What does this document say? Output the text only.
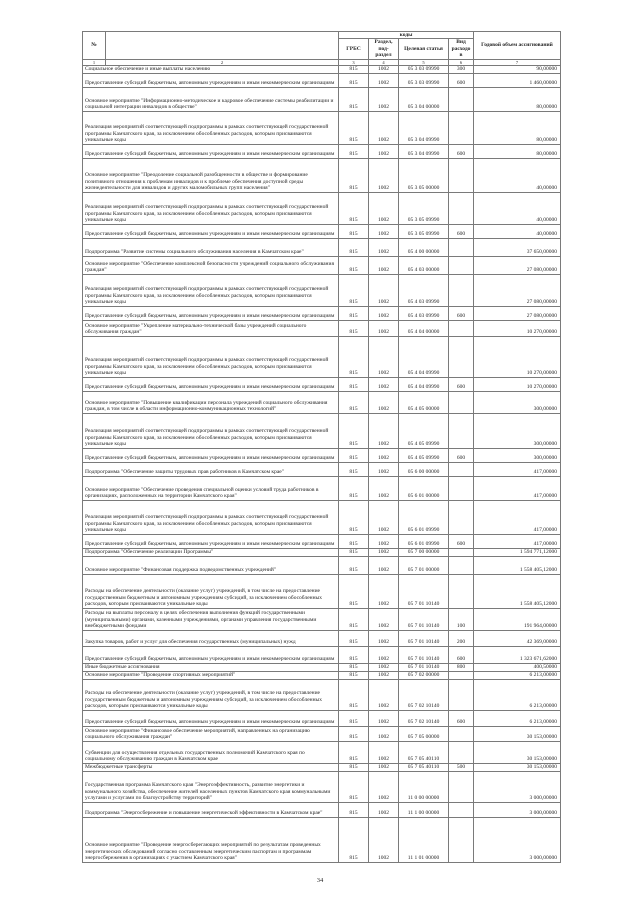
№		коды				Годовой объем ассигнований
		ГРБС	Раздел, под-раздел	Целевая статья	Вид расходов	
1	2	3	4	5	6	7
Социальное обеспечение и иные выплаты населению		815	1002	05 3 03 09990	300	90,00000
Предоставление субсидий бюджетным, автономным учреждениям и иным некоммерческим организациям		815	1002	05 3 03 09990	600	1 460,00000
Основное мероприятие "Информационно-методическое и кадровое обеспечение системы реабилитации и социальной интеграции инвалидов в обществе"		815	1002	05 3 04 00000		80,00000
Реализация мероприятий соответствующей подпрограммы в рамках соответствующей государственной программы Камчатского края, за исключением обособленных расходов, которым присваиваются уникальные коды		815	1002	05 3 04 09990		80,00000
Предоставление субсидий бюджетным, автономным учреждениям и иным некоммерческим организациям		815	1002	05 3 04 09990	600	80,00000
Основное мероприятие "Преодоление социальной разобщенности в обществе и формирование позитивного отношения к проблемам инвалидов и к проблеме обеспечения доступной среды жизнедеятельности для инвалидов и других маломобильных групп населения"		815	1002	05 3 05 00000		40,00000
Реализация мероприятий соответствующей подпрограммы в рамках соответствующей государственной программы Камчатского края, за исключением обособленных расходов, которым присваиваются уникальные коды		815	1002	05 3 05 09990		40,00000
Предоставление субсидий бюджетным, автономным учреждениям и иным некоммерческим организациям		815	1002	05 3 05 09990	600	40,00000
Подпрограмма "Развитие системы социального обслуживания населения в Камчатском крае"		815	1002	05 4 00 00000		37 650,00000
Основное мероприятие "Обеспечение комплексной безопасности учреждений социального обслуживания граждан"		815	1002	05 4 03 00000		27 080,00000
Реализация мероприятий соответствующей подпрограммы в рамках соответствующей государственной программы Камчатского края, за исключением обособленных расходов, которым присваиваются уникальные коды		815	1002	05 4 03 09990		27 080,00000
Предоставление субсидий бюджетным, автономным учреждениям и иным некоммерческим организациям		815	1002	05 4 03 09990	600	27 080,00000
Основное мероприятие "Укрепление материально-технической базы учреждений социального обслуживания граждан"		815	1002	05 4 04 00000		10 270,00000
Реализация мероприятий соответствующей подпрограммы в рамках соответствующей государственной программы Камчатского края, за исключением обособленных расходов, которым присваиваются уникальные коды		815	1002	05 4 04 09990		10 270,00000
Предоставление субсидий бюджетным, автономным учреждениям и иным некоммерческим организациям		815	1002	05 4 04 09990	600	10 270,00000
Основное мероприятие "Повышение квалификации персонала учреждений социального обслуживания граждан, в том числе в области информационно-коммуникационных технологий"		815	1002	05 4 05 00000		300,00000
Реализация мероприятий соответствующей подпрограммы в рамках соответствующей государственной программы Камчатского края, за исключением обособленных расходов, которым присваиваются уникальные коды		815	1002	05 4 05 09990		300,00000
Предоставление субсидий бюджетным, автономным учреждениям и иным некоммерческим организациям		815	1002	05 4 05 09990	600	300,00000
Подпрограмма "Обеспечение защиты трудовых прав работников в Камчатском крае"		815	1002	05 6 00 00000		417,00000
Основное мероприятие "Обеспечение проведения специальной оценки условий труда работников в организациях, расположенных на территории Камчатского края"		815	1002	05 6 01 00000		417,00000
Реализация мероприятий соответствующей подпрограммы в рамках соответствующей государственной программы Камчатского края, за исключением обособленных расходов, которым присваиваются уникальные коды		815	1002	05 6 01 09990		417,00000
Предоставление субсидий бюджетным, автономным учреждениям и иным некоммерческим организациям		815	1002	05 6 01 09990	600	417,00000
Подпрограмма "Обеспечение реализации Программы"		815	1002	05 7 00 00000		1 594 771,12000
Основное мероприятие "Финансовая поддержка подведомственных учреждений"		815	1002	05 7 01 00000		1 558 405,12000
Расходы на обеспечение деятельности (оказание услуг) учреждений, в том числе на предоставление государственным бюджетным и автономным учреждениям субсидий, за исключением обособленных расходов, которым присваиваются уникальные коды		815	1002	05 7 01 10140		1 558 405,12000
Расходы на выплаты персоналу в целях обеспечения выполнения функций государственными (муниципальными) органами, казенными учреждениями, органами управления государственными внебюджетными фондами		815	1002	05 7 01 10140	100	191 964,00000
Закупка товаров, работ и услуг для обеспечения государственных (муниципальных) нужд		815	1002	05 7 01 10140	200	42 369,00000
Предоставление субсидий бюджетным, автономным учреждениям и иным некоммерческим организациям		815	1002	05 7 01 10140	600	1 323 671,62000
Иные бюджетные ассигнования		815	1002	05 7 01 10140	800	400,50000
Основное мероприятие "Проведение спортивных мероприятий"		815	1002	05 7 02 00000		6 213,00000
Расходы на обеспечение деятельности (оказание услуг) учреждений, в том числе на предоставление государственным бюджетным и автономным учреждениям субсидий, за исключением обособленных расходов, которым присваиваются уникальные коды		815	1002	05 7 02 10140		6 213,00000
Предоставление субсидий бюджетным, автономным учреждениям и иным некоммерческим организациям		815	1002	05 7 02 10140	600	6 213,00000
Основное мероприятие "Финансовое обеспечение мероприятий, направленных на организацию социального обслуживания граждан"		815	1002	05 7 05 00000		30 153,00000
Субвенции для осуществления отдельных государственных полномочий Камчатского края по социальному обслуживанию граждан в Камчатском крае		815	1002	05 7 05 40110		30 153,00000
Межбюджетные трансферты		815	1002	05 7 05 40110	500	30 153,00000
Государственная программа Камчатского края "Энергоэффективность, развитие энергетики и коммунального хозяйства, обеспечение жителей населенных пунктов Камчатского края коммунальными услугами и услугами по благоустройству территорий"		815	1002	11 0 00 00000		3 000,00000
Подпрограмма "Энергосбережение и повышение энергетической эффективности в Камчатском крае"		815	1002	11 1 00 00000		3 000,00000
Основное мероприятие "Проведение энергосберегающих мероприятий по результатам проведенных энергетических обследований согласно составленным энергетическим паспортам и программам энергосбережения в организациях с участием Камчатского края"		815	1002	11 1 01 00000		3 000,00000
34
